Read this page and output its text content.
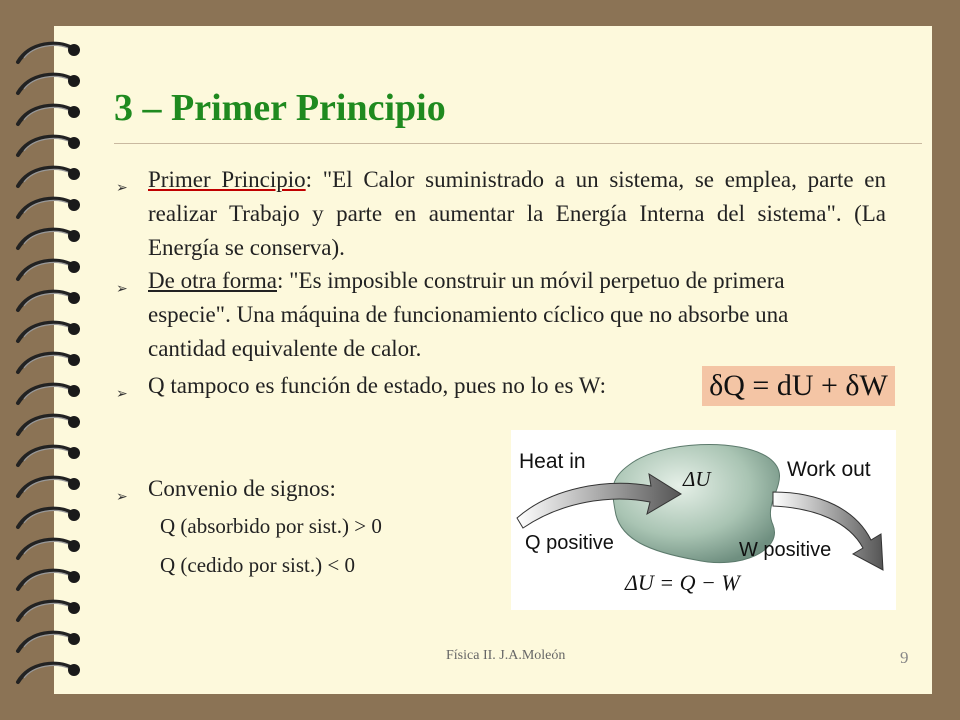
3 – Primer Principio
➢ Primer Principio: "El Calor suministrado a un sistema, se emplea, parte en realizar Trabajo y parte en aumentar la Energía Interna del sistema". (La Energía se conserva).
➢ De otra forma: "Es imposible construir un móvil perpetuo de primera especie". Una máquina de funcionamiento cíclico que no absorbe una cantidad equivalente de calor.
➢ Q tampoco es función de estado, pues no lo es W:	δQ = dU + δW
➢ Convenio de signos:
Q (absorbido por sist.) > 0
Q (cedido por sist.) < 0
Heat in	Work out
ΔU
Q positive	W positive
ΔU = Q − W
Física II. J.A.Moleón	9
